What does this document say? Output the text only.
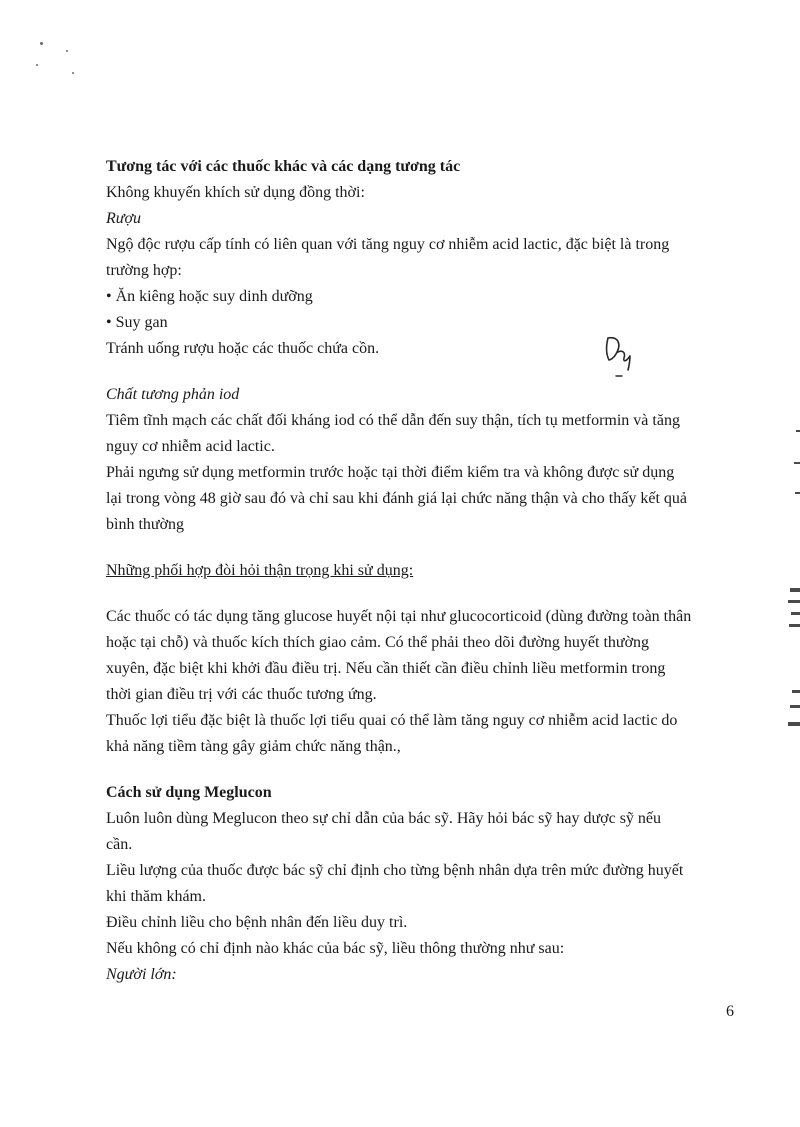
Tương tác với các thuốc khác và các dạng tương tác
Không khuyến khích sử dụng đồng thời:
Rượu
Ngộ độc rượu cấp tính có liên quan với tăng nguy cơ nhiễm acid lactic, đặc biệt là trong
trường hợp:
• Ăn kiêng hoặc suy dinh dưỡng
• Suy gan
Tránh uống rượu hoặc các thuốc chứa cồn.
Chất tương phản iod
Tiêm tĩnh mạch các chất đối kháng iod có thể dẫn đến suy thận, tích tụ metformin và tăng
nguy cơ nhiễm acid lactic.
Phải ngưng sử dụng metformin trước hoặc tại thời điểm kiểm tra và không được sử dụng
lại trong vòng 48 giờ sau đó và chỉ sau khi đánh giá lại chức năng thận và cho thấy kết quả
bình thường
Những phối hợp đòi hỏi thận trọng khi sử dụng:
Các thuốc có tác dụng tăng glucose huyết nội tại như glucocorticoid (dùng đường toàn thân
hoặc tại chỗ) và thuốc kích thích giao cảm. Có thể phải theo dõi đường huyết thường
xuyên, đặc biệt khi khởi đầu điều trị. Nếu cần thiết cần điều chỉnh liều metformin trong
thời gian điều trị với các thuốc tương ứng.
Thuốc lợi tiểu đặc biệt là thuốc lợi tiểu quai có thể làm tăng nguy cơ nhiễm acid lactic do
khả năng tiềm tàng gây giảm chức năng thận.,
Cách sử dụng Meglucon
Luôn luôn dùng Meglucon theo sự chỉ dẫn của bác sỹ. Hãy hỏi bác sỹ hay dược sỹ nếu
cần.
Liều lượng của thuốc được bác sỹ chỉ định cho từng bệnh nhân dựa trên mức đường huyết
khi thăm khám.
Điều chỉnh liều cho bệnh nhân đến liều duy trì.
Nếu không có chỉ định nào khác của bác sỹ, liều thông thường như sau:
Người lớn:
6
